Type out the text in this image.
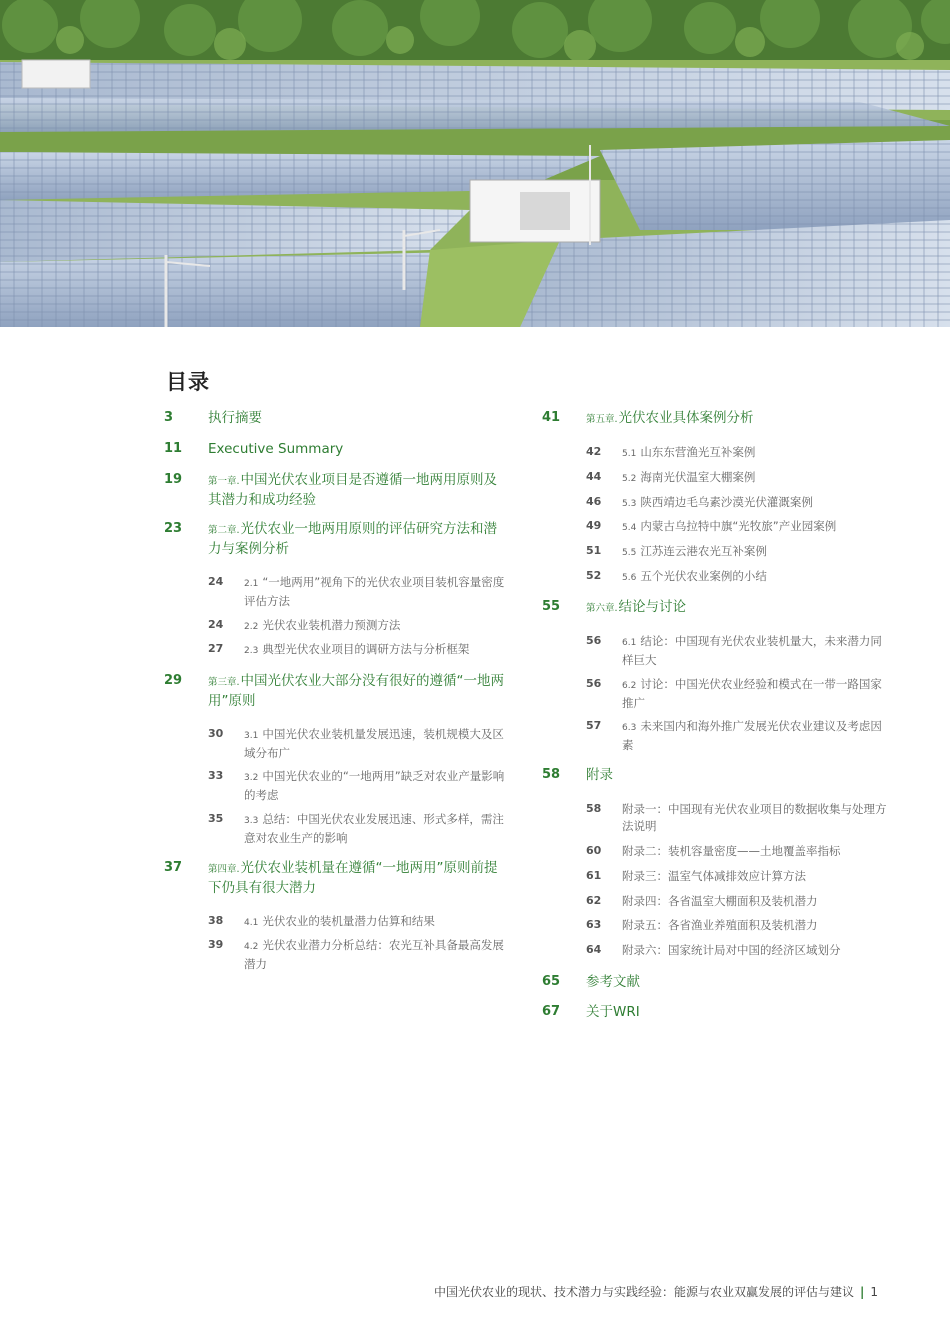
目录
3	执行摘要
11 Executive Summary
19	第一章.中国光伏农业项目是否遵循一地两用原则及其潜力和成功经验
23	第二章.光伏农业一地两用原则的评估研究方法和潜力与案例分析
24 2.1 “一地两用”视角下的光伏农业项目装机容量密度评估方法
24 2.2 光伏农业装机潜力预测方法
27 2.3 典型光伏农业项目的调研方法与分析框架
29	第三章.中国光伏农业大部分没有很好的遵循“一地两用”原则
30 3.1 中国光伏农业装机量发展迅速，装机规模大及区域分布广
33 3.2 中国光伏农业的“一地两用”缺乏对农业产量影响的考虑
35 3.3 总结：中国光伏农业发展迅速、形式多样，需注意对农业生产的影响
37	第四章.光伏农业装机量在遵循“一地两用”原则前提下仍具有很大潜力
38 4.1 光伏农业的装机量潜力估算和结果
39 4.2 光伏农业潜力分析总结：农光互补具备最高发展潜力
41	第五章.光伏农业具体案例分析
42 5.1 山东东营渔光互补案例
44 5.2 海南光伏温室大棚案例
46 5.3 陕西靖边毛乌素沙漠光伏灌溉案例
49 5.4 内蒙古乌拉特中旗“光牧旅”产业园案例
51 5.5 江苏连云港农光互补案例
52 5.6 五个光伏农业案例的小结
55	第六章.结论与讨论
56 6.1 结论：中国现有光伏农业装机量大，未来潜力同样巨大
56 6.2 讨论：中国光伏农业经验和模式在一带一路国家推广
57 6.3 未来国内和海外推广发展光伏农业建议及考虑因素
58 附录
58 附录一：中国现有光伏农业项目的数据收集与处理方法说明
60 附录二：装机容量密度——土地覆盖率指标
61 附录三：温室气体减排效应计算方法
62 附录四：各省温室大棚面积及装机潜力
63 附录五：各省渔业养殖面积及装机潜力
64 附录六：国家统计局对中国的经济区域划分
65 参考文献
67 关于WRI
中国光伏农业的现状、技术潜力与实践经验：能源与农业双赢发展的评估与建议 | 1
